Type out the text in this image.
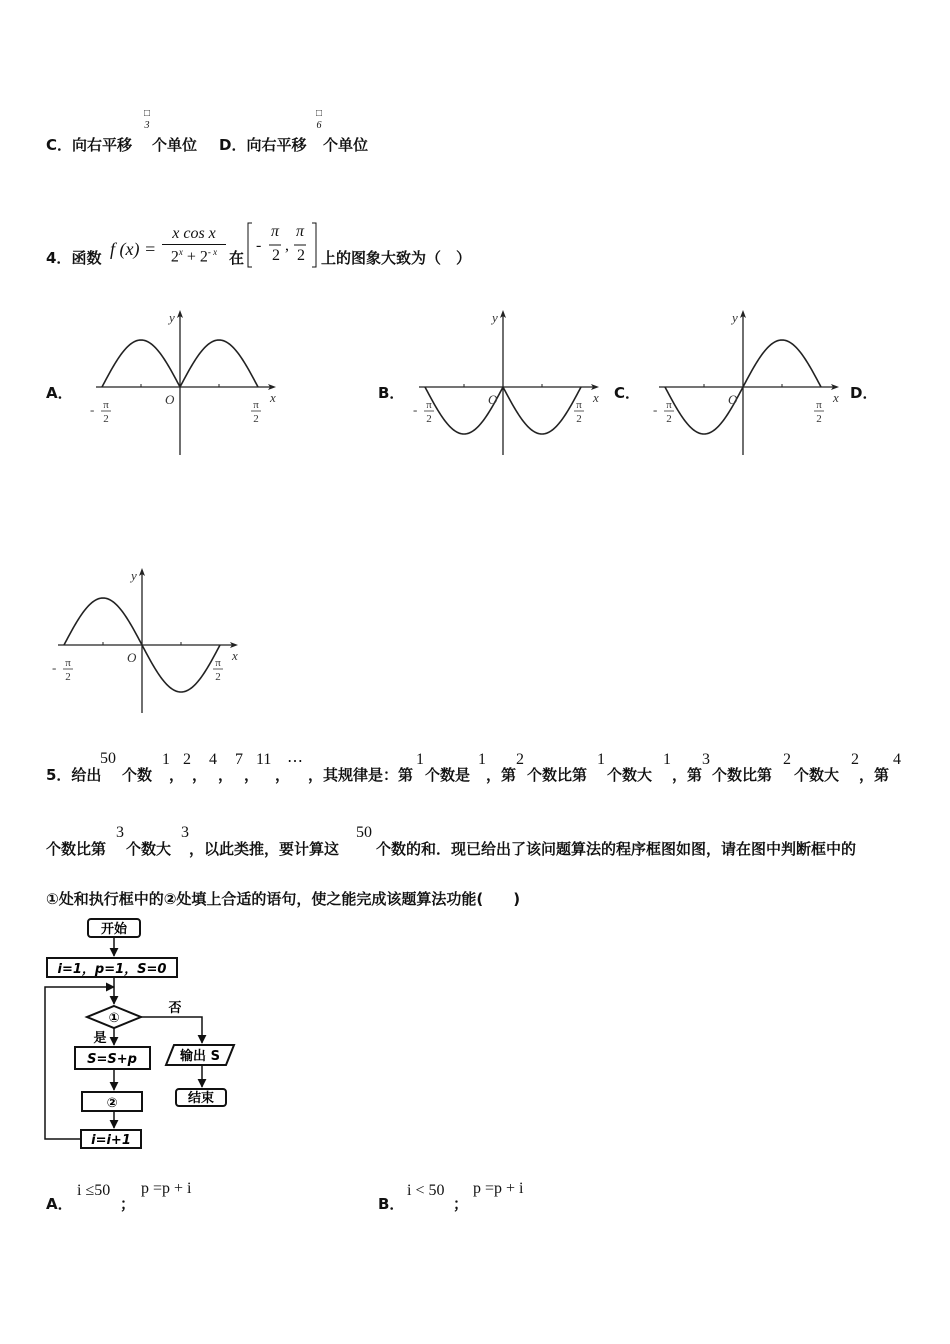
C．向右平移
□
3
个单位 D．向右平移
□
6
个单位
4．函数 f (x) =
x cos x
$2^x + 2^{- x}$ 在
-
π
2
,
π
2 上的图象大致为（　）
A．	B．	C．	D．
y
x
O
- π
2
π
2
y
x
O
- π
2
π
2
y
x
O
- π
2
π
2
y
x
O
- π
2
π
2
5．给出
50
个数
1
，
2
，
4
，
7
，
11
，
⋯
，其规律是：第
1
个数是
1
，第
2
个数比第
1
个数大
1
，第
3
个数比第
2
个数大
2
，第
4
个数比第
3
个数大
3
，以此类推，要计算这
50
个数的和．现已给出了该问题算法的程序框图如图，请在图中判断框中的
①处和执行框中的②处填上合适的语句，使之能完成该题算法功能(　　)
开始
i=1，p=1，S=0
①
否
是
S=S+p
②
i=i+1
输出 S
结束
A．
i ≤50
；
p =p + i
B．
i < 50
；
p =p + i
